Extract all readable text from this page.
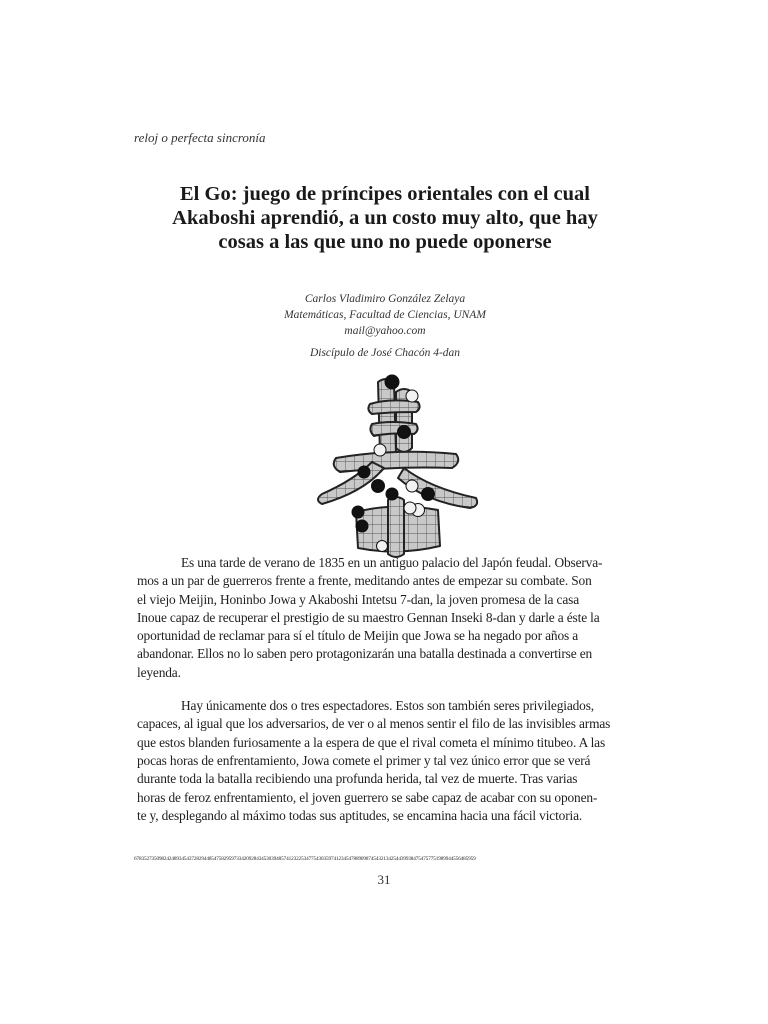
reloj o perfecta sincronía
El Go: juego de príncipes orientales con el cual
Akaboshi aprendió, a un costo muy alto, que hay
cosas a las que uno no puede oponerse
Carlos Vladimiro González Zelaya
Matemáticas, Facultad de Ciencias, UNAM
mail@yahoo.com
Discípulo de José Chacón 4-dan
Es una tarde de verano de 1835 en un antiguo palacio del Japón feudal. Observa-
mos a un par de guerreros frente a frente, meditando antes de empezar su combate. Son
el viejo Meijin, Honinbo Jowa y Akaboshi Intetsu 7-dan, la joven promesa de la casa
Inoue capaz de recuperar el prestigio de su maestro Gennan Inseki 8-dan y darle a éste la
oportunidad de reclamar para sí el título de Meijin que Jowa se ha negado por años a
abandonar. Ellos no lo saben pero protagonizarán una batalla destinada a convertirse en
leyenda.
Hay únicamente dos o tres espectadores. Estos son también seres privilegiados,
capaces, al igual que los adversarios, de ver o al menos sentir el filo de las invisibles armas
que estos blanden furiosamente a la espera de que el rival cometa el mínimo titubeo. A las
pocas horas de enfrentamiento, Jowa comete el primer y tal vez único error que se verá
durante toda la batalla recibiendo una profunda herida, tal vez de muerte. Tras varias
horas de feroz enfrentamiento, el joven guerrero se sabe capaz de acabar con su oponen-
te y, desplegando al máximo todas sus aptitudes, se encamina hacia una fácil victoria.
67835273509824248934543728294485475829597334209284345303948574123225347754303597412345478890987454321342544399384754757751989944556485959
31
